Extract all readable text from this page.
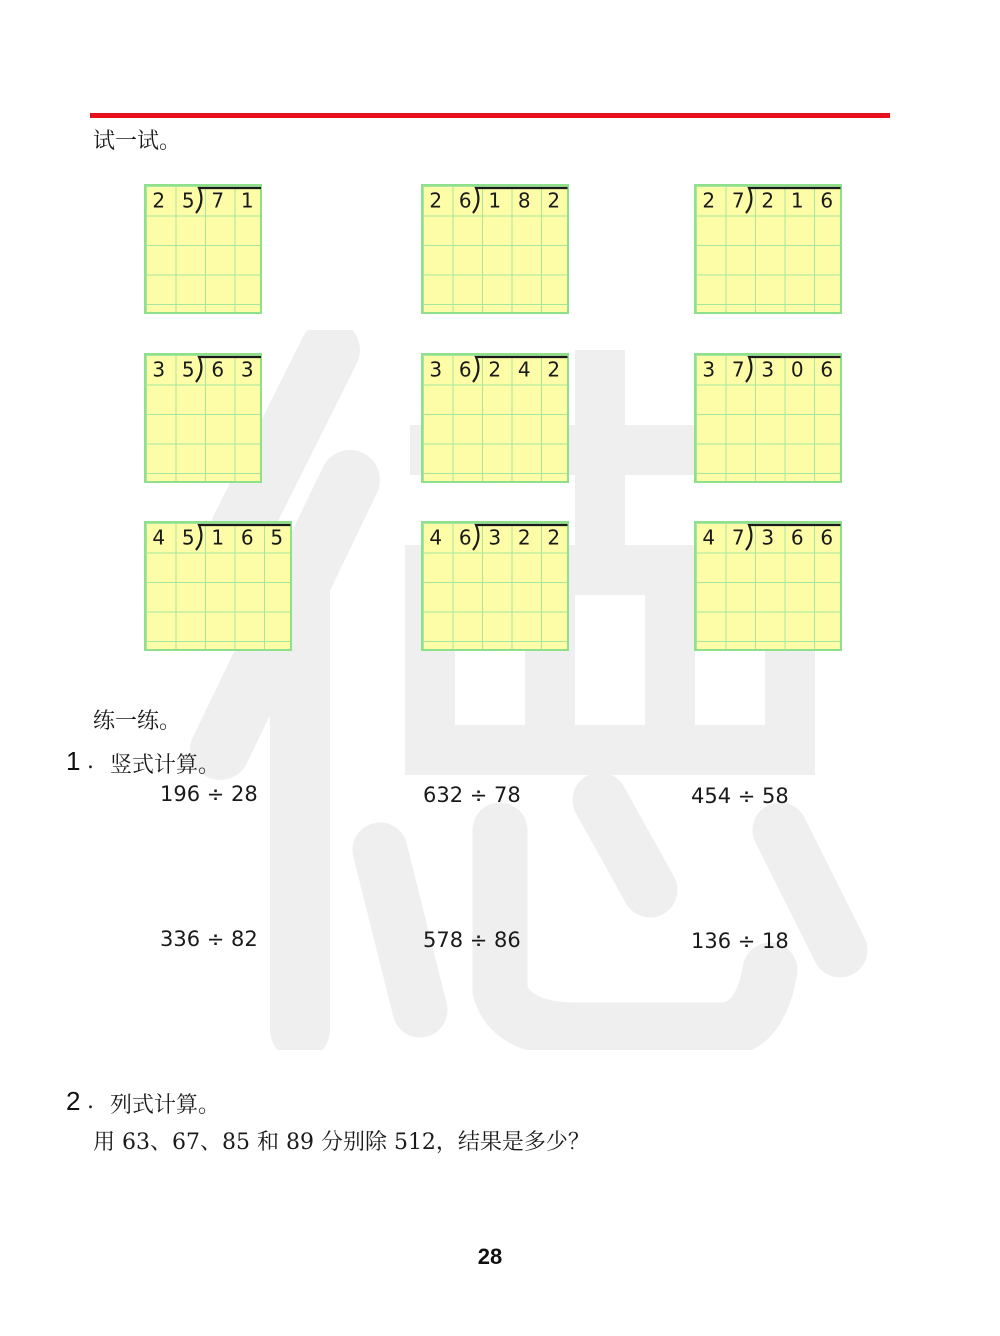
试一试。
2 5 7 1	2 6 1 8 2	2 7 2 1 6
3 5 6 3	3 6 2 4 2	3 7 3 0 6
4 5 1 6 5	4 6 3 2 2	4 7 3 6 6
练一练。
1 . 竖式计算。
196 ÷ 28	632 ÷ 78	454 ÷ 58
336 ÷ 82	578 ÷ 86	136 ÷ 18
2 . 列式计算。
用 63、67、85 和 89 分别除 512，结果是多少？
28
